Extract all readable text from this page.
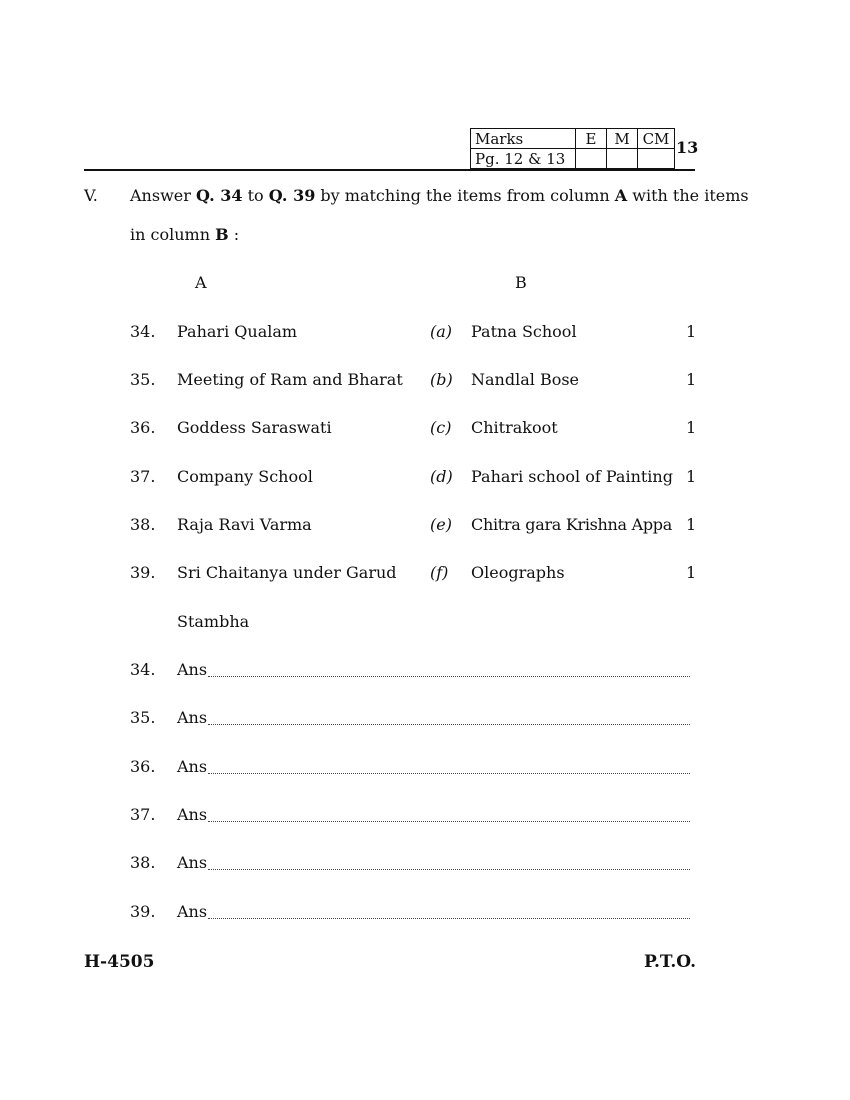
Marks	E	M	CM
Pg. 12 & 13			
13
V. Answer Q. 34 to Q. 39 by matching the items from column A with the items
in column B :
A	B
34. Pahari Qualam	(a) Patna School	1
35. Meeting of Ram and Bharat (b) Nandlal Bose	1
36. Goddess Saraswati	(c) Chitrakoot	1
37. Company School	(d) Pahari school of Painting 1
38. Raja Ravi Varma	(e) Chitra gara Krishna Appa 1
39. Sri Chaitanya under Garud (f) Oleographs	1
Stambha
34. Ans
35. Ans
36. Ans
37. Ans
38. Ans
39. Ans
H-4505	P.T.O.
